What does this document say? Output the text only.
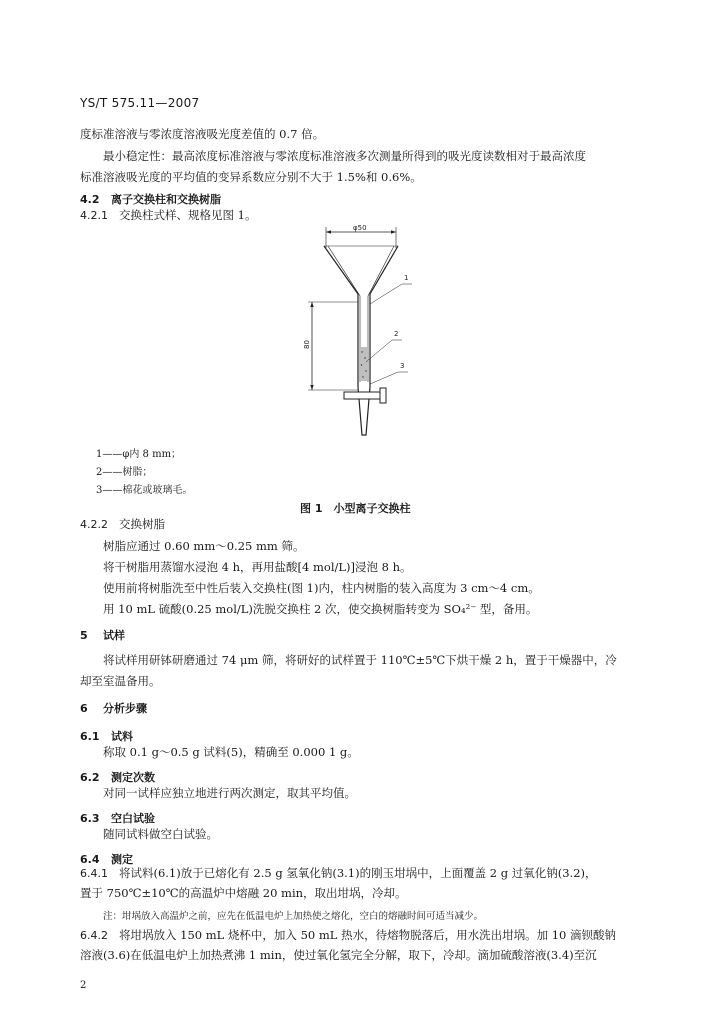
YS/T 575.11—2007
度标准溶液与零浓度溶液吸光度差值的 0.7 倍。
最小稳定性：最高浓度标准溶液与零浓度标准溶液多次测量所得到的吸光度读数相对于最高浓度
标准溶液吸光度的平均值的变异系数应分别不大于 1.5%和 0.6%。
4.2 离子交换柱和交换树脂
4.2.1 交换柱式样、规格见图 1。
φ50
80
1
2
3
1——φ内 8 mm；
2——树脂；
3——棉花或玻璃毛。
图 1　小型离子交换柱
4.2.2 交换树脂
树脂应通过 0.60 mm～0.25 mm 筛。
将干树脂用蒸馏水浸泡 4 h，再用盐酸[4 mol/L)]浸泡 8 h。
使用前将树脂洗至中性后装入交换柱(图 1)内，柱内树脂的装入高度为 3 cm～4 cm。
用 10 mL 硫酸(0.25 mol/L)洗脱交换柱 2 次，使交换树脂转变为 SO₄²⁻ 型，备用。
5 试样
将试样用研钵研磨通过 74 μm 筛，将研好的试样置于 110℃±5℃下烘干燥 2 h，置于干燥器中，冷
却至室温备用。
6 分析步骤
6.1 试料
称取 0.1 g～0.5 g 试料(5)，精确至 0.000 1 g。
6.2 测定次数
对同一试样应独立地进行两次测定，取其平均值。
6.3 空白试验
随同试料做空白试验。
6.4 测定
6.4.1 将试料(6.1)放于已熔化有 2.5 g 氢氧化钠(3.1)的刚玉坩埚中，上面覆盖 2 g 过氧化钠(3.2)，
置于 750℃±10℃的高温炉中熔融 20 min，取出坩埚，冷却。
注：坩埚放入高温炉之前，应先在低温电炉上加热使之熔化，空白的熔融时间可适当减少。
6.4.2 将坩埚放入 150 mL 烧杯中，加入 50 mL 热水，待熔物脱落后，用水洗出坩埚。加 10 滴钡酸钠
溶液(3.6)在低温电炉上加热煮沸 1 min，使过氧化氢完全分解，取下，冷却。滴加硫酸溶液(3.4)至沉
2
